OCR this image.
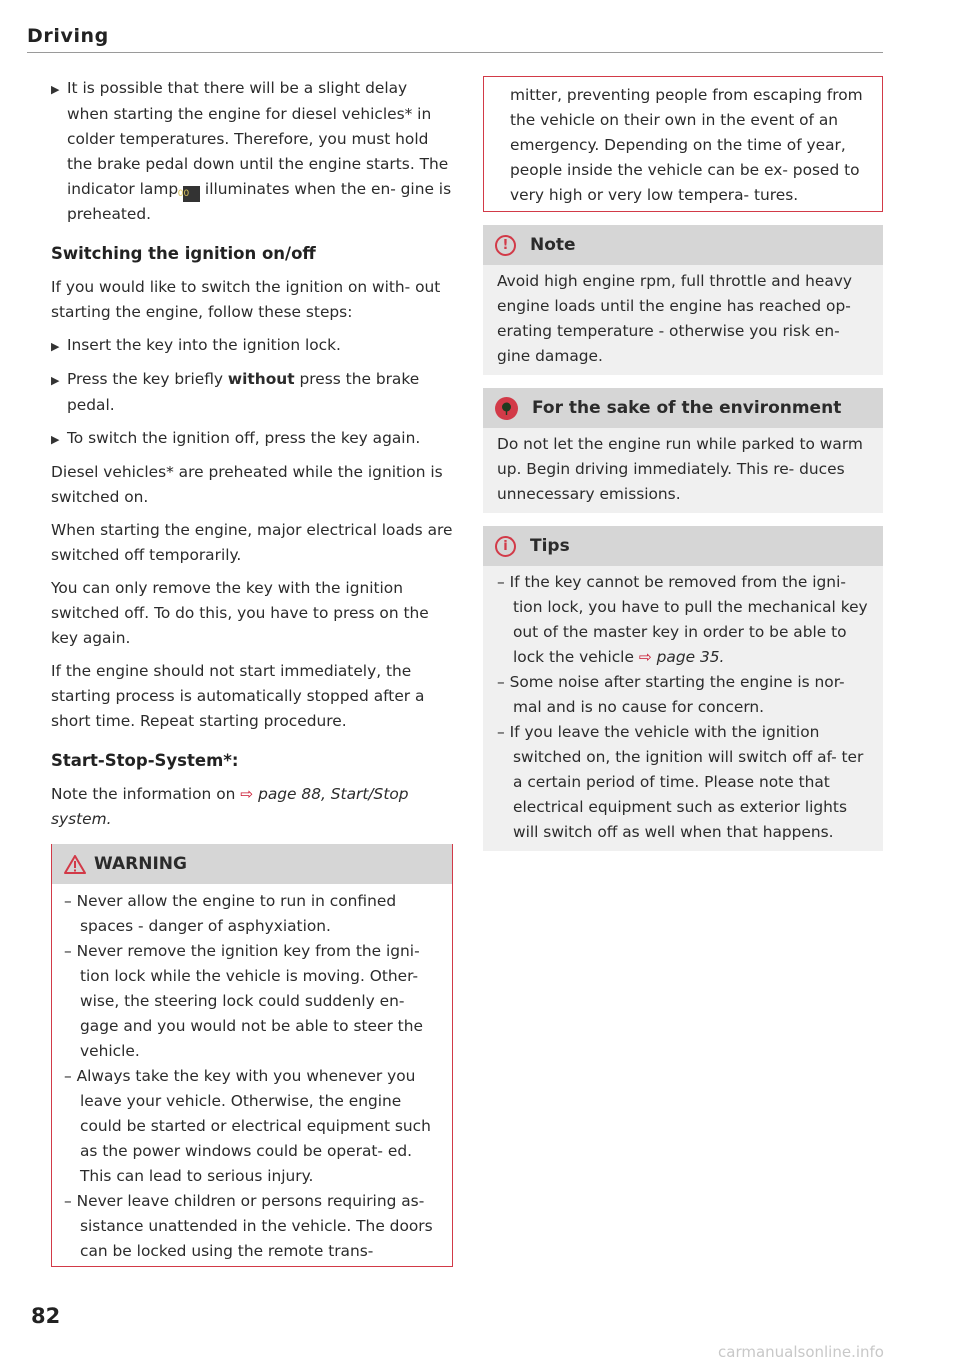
Driving

▶ It is possible that there will be a slight delay when starting the engine for diesel vehicles* in colder temperatures. Therefore, you must hold the brake pedal down until the engine starts. The indicator lamp 00 illuminates when the en- gine is preheated.

Switching the ignition on/off

If you would like to switch the ignition on with- out starting the engine, follow these steps:

▶ Insert the key into the ignition lock.

▶ Press the key briefly without press the brake pedal.

▶ To switch the ignition off, press the key again.

Diesel vehicles* are preheated while the ignition is switched on.

When starting the engine, major electrical loads are switched off temporarily.

You can only remove the key with the ignition switched off. To do this, you have to press on the key again.

If the engine should not start immediately, the starting process is automatically stopped after a short time. Repeat starting procedure.

Start-Stop-System*:

Note the information on ⇨ page 88, Start/Stop system.

WARNING

– Never allow the engine to run in confined spaces - danger of asphyxiation.

– Never remove the ignition key from the igni- tion lock while the vehicle is moving. Other- wise, the steering lock could suddenly en- gage and you would not be able to steer the vehicle.

– Always take the key with you whenever you leave your vehicle. Otherwise, the engine could be started or electrical equipment such as the power windows could be operat- ed. This can lead to serious injury.

– Never leave children or persons requiring as- sistance unattended in the vehicle. The doors can be locked using the remote trans-

mitter, preventing people from escaping from the vehicle on their own in the event of an emergency. Depending on the time of year, people inside the vehicle can be ex- posed to very high or very low tempera- tures.

!	Note

Avoid high engine rpm, full throttle and heavy engine loads until the engine has reached op- erating temperature - otherwise you risk en- gine damage.

For the sake of the environment

Do not let the engine run while parked to warm up. Begin driving immediately. This re- duces unnecessary emissions.

i	Tips

– If the key cannot be removed from the igni- tion lock, you have to pull the mechanical key out of the master key in order to be able to lock the vehicle ⇨ page 35.

– Some noise after starting the engine is nor- mal and is no cause for concern.

– If you leave the vehicle with the ignition switched on, the ignition will switch off af- ter a certain period of time. Please note that electrical equipment such as exterior lights will switch off as well when that happens.

82
carmanualsonline.info
